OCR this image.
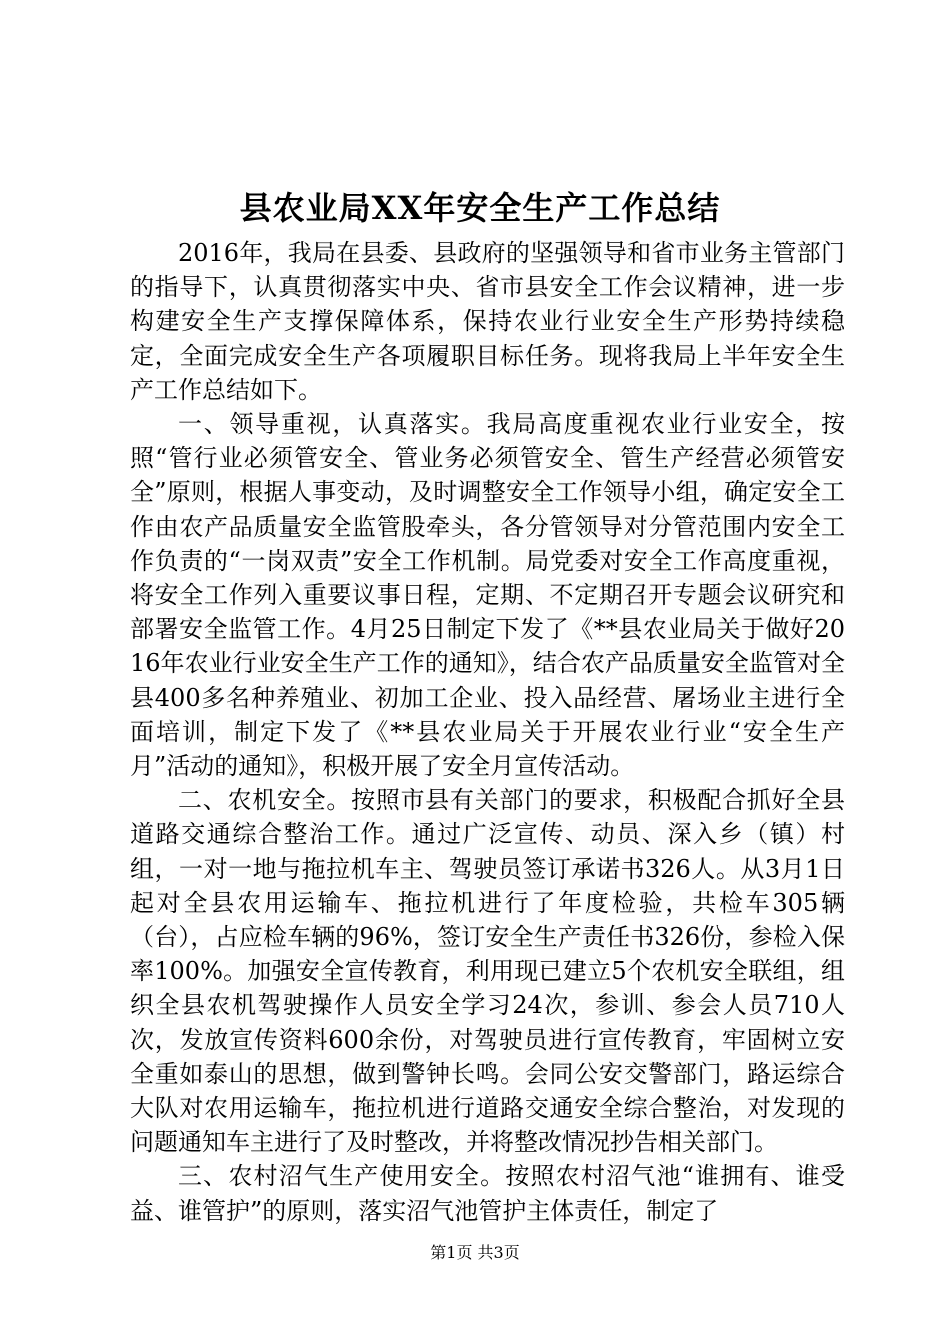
县农业局XX年安全生产工作总结

2016年，我局在县委、县政府的坚强领导和省市业务主管部门的指导下，认真贯彻落实中央、省市县安全工作会议精神，进一步构建安全生产支撑保障体系，保持农业行业安全生产形势持续稳定，全面完成安全生产各项履职目标任务。现将我局上半年安全生产工作总结如下。

一、领导重视，认真落实。我局高度重视农业行业安全，按照“管行业必须管安全、管业务必须管安全、管生产经营必须管安全”原则，根据人事变动，及时调整安全工作领导小组，确定安全工作由农产品质量安全监管股牵头，各分管领导对分管范围内安全工作负责的“一岗双责”安全工作机制。局党委对安全工作高度重视，将安全工作列入重要议事日程，定期、不定期召开专题会议研究和部署安全监管工作。4月25日制定下发了《**县农业局关于做好2016年农业行业安全生产工作的通知》，结合农产品质量安全监管对全县400多名种养殖业、初加工企业、投入品经营、屠场业主进行全面培训，制定下发了《**县农业局关于开展农业行业“安全生产月”活动的通知》，积极开展了安全月宣传活动。

二、农机安全。按照市县有关部门的要求，积极配合抓好全县道路交通综合整治工作。通过广泛宣传、动员、深入乡（镇）村组，一对一地与拖拉机车主、驾驶员签订承诺书326人。从3月1日起对全县农用运输车、拖拉机进行了年度检验，共检车305辆（台），占应检车辆的96%，签订安全生产责任书326份，参检入保率100%。加强安全宣传教育，利用现已建立5个农机安全联组，组织全县农机驾驶操作人员安全学习24次，参训、参会人员710人次，发放宣传资料600余份，对驾驶员进行宣传教育，牢固树立安全重如泰山的思想，做到警钟长鸣。会同公安交警部门，路运综合大队对农用运输车，拖拉机进行道路交通安全综合整治，对发现的问题通知车主进行了及时整改，并将整改情况抄告相关部门。

三、农村沼气生产使用安全。按照农村沼气池“谁拥有、谁受益、谁管护”的原则，落实沼气池管护主体责任，制定了

第1页 共3页
